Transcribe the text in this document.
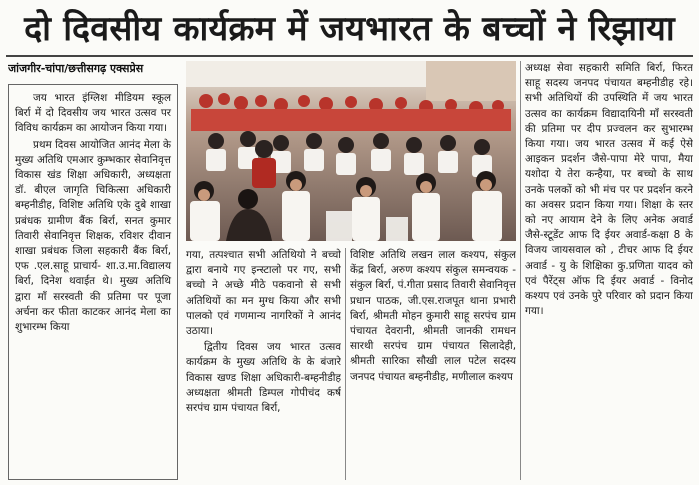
दो दिवसीय कार्यक्रम में जयभारत के बच्चों ने रिझाया
जांजगीर-चांपा/छत्तीसगढ़ एक्सप्रेस

जय भारत इंग्लिश मीडियम स्कूल बिर्रा में दो दिवसीय जय भारत उत्सव पर विविध कार्यक्रम का आयोजन किया गया।

प्रथम दिवस आयोजित आनंद मेला के मुख्य अतिथि एमआर कुम्भकार सेवानिवृत्त विकास खंड शिक्षा अधिकारी, अध्यक्षता डॉ. बीएल जागृति चिकित्सा अधिकारी बम्हनीडीह, विशिष्ट अतिथि एके दुबे शाखा प्रबंधक ग्रामीण बैंक बिर्रा, सनत कुमार तिवारी सेवानिवृत्त शिक्षक, रविशर दीवान शाखा प्रबंधक जिला सहकारी बैंक बिर्रा, एफ .एल.साहू प्राचार्य- शा.उ.मा.विद्यालय बिर्रा, दिनेश थवाईत थे। मुख्य अतिथि द्वारा माँ सरस्वती की प्रतिमा पर पूजा अर्चना कर फीता काटकर आनंद मेला का शुभारम्भ किया

गया, तत्पश्चात सभी अतिथियो ने बच्चो द्वारा बनाये गए इन्स्टालो पर गए, सभी बच्चो ने अच्छे मीठे पकवानो से सभी अतिथियों का मन मुग्ध किया और सभी पालको एवं गणमान्य नागरिकों ने आनंद उठाया।

द्वितीय दिवस जय भारत उत्सव कार्यक्रम के मुख्य अतिथि के के बंजारे विकास खण्ड शिक्षा अधिकारी-बम्हनीडीह अध्यक्षता श्रीमती डिम्पल गोपीचंद कर्ष सरपंच ग्राम पंचायत बिर्रा,

विशिष्ट अतिथि लखन लाल कश्यप, संकुल केंद्र बिर्रा, अरुण कश्यप संकुल समन्वयक - संकुल बिर्रा, पं.गीता प्रसाद तिवारी सेवानिवृत्त प्रधान पाठक, जी.एस.राजपूत थाना प्रभारी बिर्रा, श्रीमती मोहन कुमारी साहू सरपंच ग्राम पंचायत देवरानी, श्रीमती जानकी रामधन सारथी सरपंच ग्राम पंचायत सिलादेही, श्रीमती सारिका सौखी लाल पटेल सदस्य जनपद पंचायत बम्हनीडीह, मणीलाल कश्यप

अध्यक्ष सेवा सहकारी समिति बिर्रा, फिरत साहू सदस्य जनपद पंचायत बम्हनीडीह रहे। सभी अतिथियों की उपस्थिति में जय भारत उत्सव का कार्यक्रम विद्यादायिनी माँ सरस्वती की प्रतिमा पर दीप प्रज्वलन कर सुभारम्भ किया गया। जय भारत उत्सव में कई ऐसे आइकन प्रदर्शन जैसे-पापा मेरे पापा, मैया यशोदा ये तेरा कन्हैया, पर बच्चो के साथ उनके पलकों को भी मंच पर पर प्रदर्शन करने का अवसर प्रदान किया गया। शिक्षा के स्तर को नए आयाम देने के लिए अनेक अवार्ड जैसे-स्टूडेंट आफ दि ईयर अवार्ड-कक्षा 8 के विजय जायसवाल को , टीचर आफ दि ईयर अवार्ड - यु के शिक्षिका कु.प्रणिता यादव को एवं पैरेंट्स ऑफ दि ईयर अवार्ड - विनोद कश्यप एवं उनके पुरे परिवार को प्रदान किया गया।
